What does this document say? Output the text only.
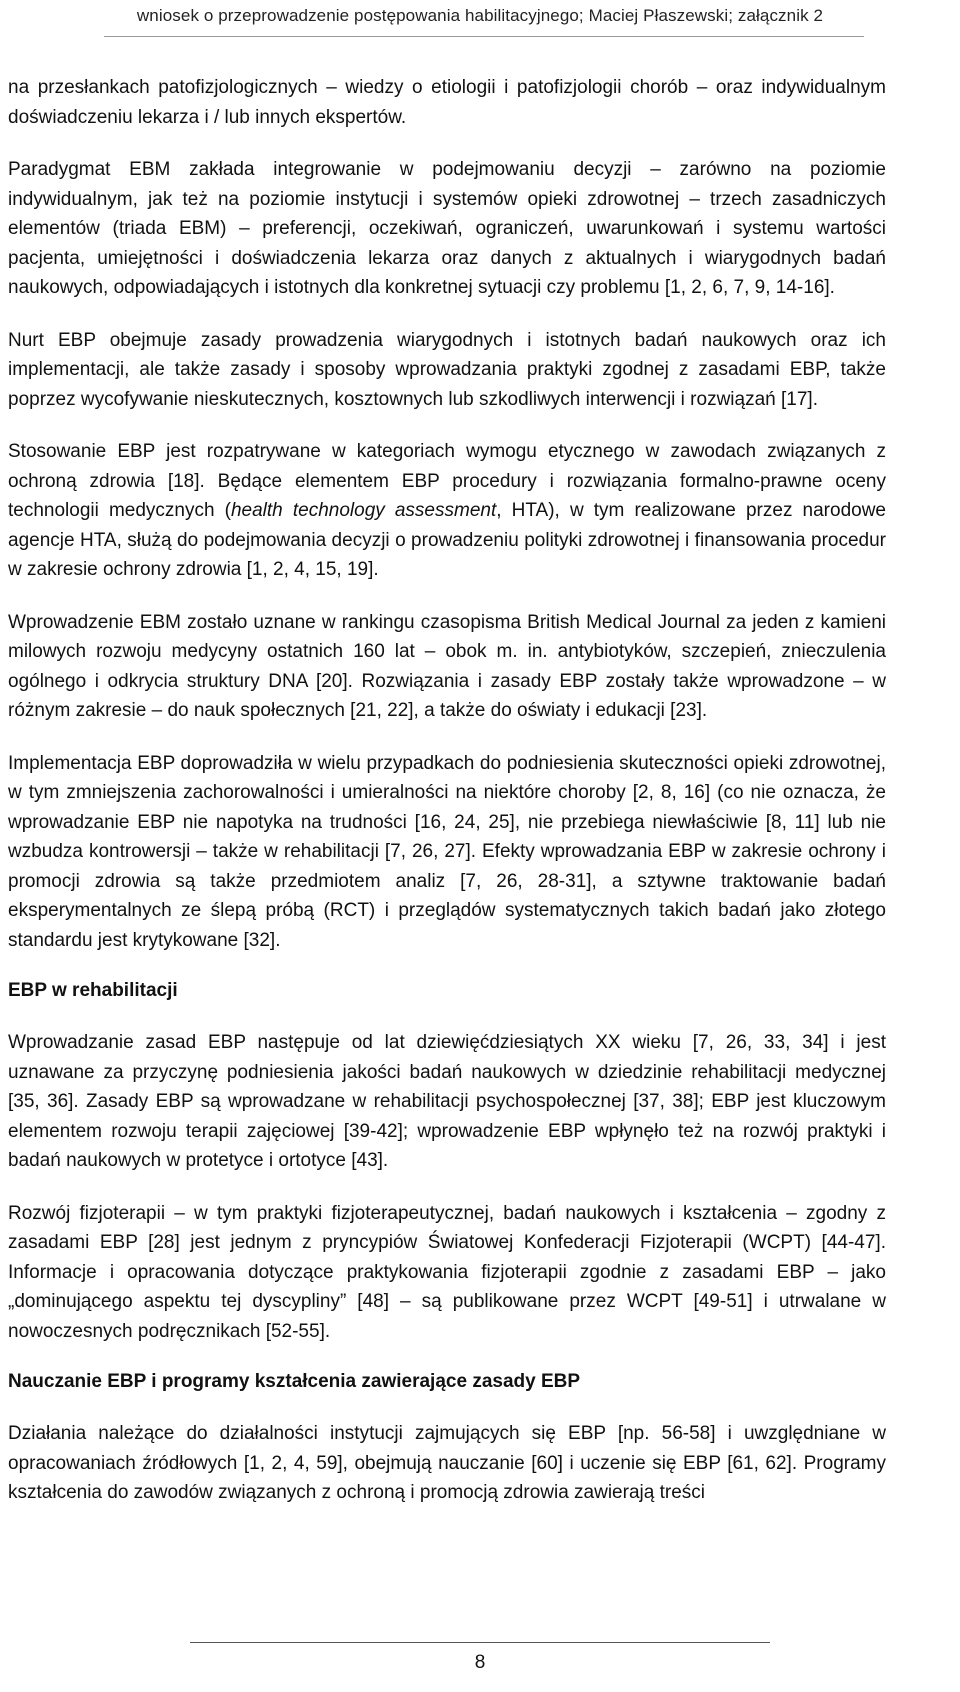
wniosek o przeprowadzenie postępowania habilitacyjnego; Maciej Płaszewski; załącznik 2

na przesłankach patofizjologicznych – wiedzy o etiologii i patofizjologii chorób – oraz indywidualnym doświadczeniu lekarza i / lub innych ekspertów.

Paradygmat EBM zakłada integrowanie w podejmowaniu decyzji – zarówno na poziomie indywidualnym, jak też na poziomie instytucji i systemów opieki zdrowotnej – trzech zasadniczych elementów (triada EBM) – preferencji, oczekiwań, ograniczeń, uwarunkowań i systemu wartości pacjenta, umiejętności i doświadczenia lekarza oraz danych z aktualnych i wiarygodnych badań naukowych, odpowiadających i istotnych dla konkretnej sytuacji czy problemu [1, 2, 6, 7, 9, 14-16].

Nurt EBP obejmuje zasady prowadzenia wiarygodnych i istotnych badań naukowych oraz ich implementacji, ale także zasady i sposoby wprowadzania praktyki zgodnej z zasadami EBP, także poprzez wycofywanie nieskutecznych, kosztownych lub szkodliwych interwencji i rozwiązań [17].

Stosowanie EBP jest rozpatrywane w kategoriach wymogu etycznego w zawodach związanych z ochroną zdrowia [18]. Będące elementem EBP procedury i rozwiązania formalno-prawne oceny technologii medycznych (health technology assessment, HTA), w tym realizowane przez narodowe agencje HTA, służą do podejmowania decyzji o prowadzeniu polityki zdrowotnej i finansowania procedur w zakresie ochrony zdrowia [1, 2, 4, 15, 19].

Wprowadzenie EBM zostało uznane w rankingu czasopisma British Medical Journal za jeden z kamieni milowych rozwoju medycyny ostatnich 160 lat – obok m. in. antybiotyków, szczepień, znieczulenia ogólnego i odkrycia struktury DNA [20]. Rozwiązania i zasady EBP zostały także wprowadzone – w różnym zakresie – do nauk społecznych [21, 22], a także do oświaty i edukacji [23].

Implementacja EBP doprowadziła w wielu przypadkach do podniesienia skuteczności opieki zdrowotnej, w tym zmniejszenia zachorowalności i umieralności na niektóre choroby [2, 8, 16] (co nie oznacza, że wprowadzanie EBP nie napotyka na trudności [16, 24, 25], nie przebiega niewłaściwie [8, 11] lub nie wzbudza kontrowersji – także w rehabilitacji [7, 26, 27]. Efekty wprowadzania EBP w zakresie ochrony i promocji zdrowia są także przedmiotem analiz [7, 26, 28-31], a sztywne traktowanie badań eksperymentalnych ze ślepą próbą (RCT) i przeglądów systematycznych takich badań jako złotego standardu jest krytykowane [32].

EBP w rehabilitacji

Wprowadzanie zasad EBP następuje od lat dziewięćdziesiątych XX wieku [7, 26, 33, 34] i jest uznawane za przyczynę podniesienia jakości badań naukowych w dziedzinie rehabilitacji medycznej [35, 36]. Zasady EBP są wprowadzane w rehabilitacji psychospołecznej [37, 38]; EBP jest kluczowym elementem rozwoju terapii zajęciowej [39-42]; wprowadzenie EBP wpłynęło też na rozwój praktyki i badań naukowych w protetyce i ortotyce [43].

Rozwój fizjoterapii – w tym praktyki fizjoterapeutycznej, badań naukowych i kształcenia – zgodny z zasadami EBP [28] jest jednym z pryncypiów Światowej Konfederacji Fizjoterapii (WCPT) [44-47]. Informacje i opracowania dotyczące praktykowania fizjoterapii zgodnie z zasadami EBP – jako „dominującego aspektu tej dyscypliny” [48] – są publikowane przez WCPT [49-51] i utrwalane w nowoczesnych podręcznikach [52-55].

Nauczanie EBP i programy kształcenia zawierające zasady EBP

Działania należące do działalności instytucji zajmujących się EBP [np. 56-58] i uwzględniane w opracowaniach źródłowych [1, 2, 4, 59], obejmują nauczanie [60] i uczenie się EBP [61, 62]. Programy kształcenia do zawodów związanych z ochroną i promocją zdrowia zawierają treści

8
